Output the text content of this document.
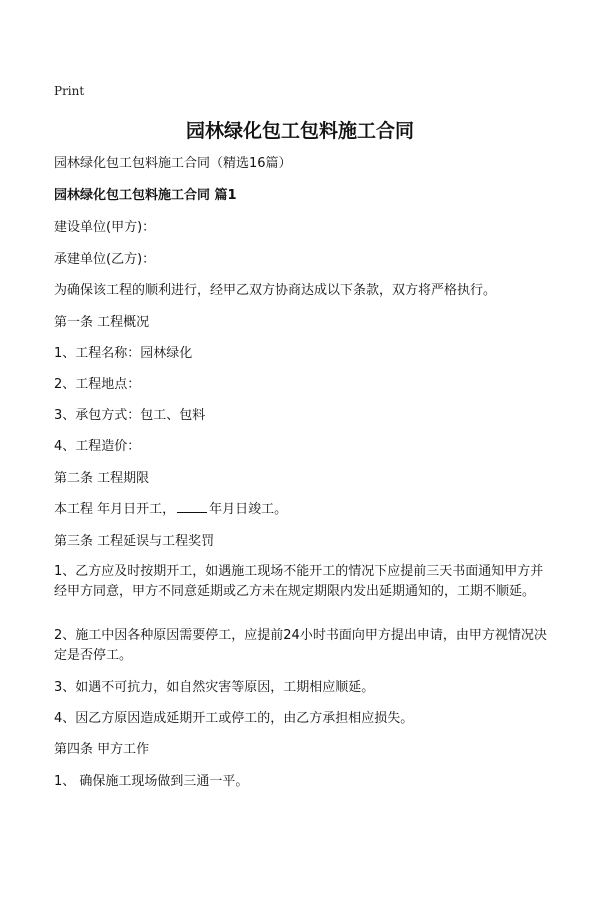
Print
园林绿化包工包料施工合同
园林绿化包工包料施工合同（精选16篇）
园林绿化包工包料施工合同 篇1
建设单位(甲方)：
承建单位(乙方)：
为确保该工程的顺利进行，经甲乙双方协商达成以下条款，双方将严格执行。
第一条 工程概况
1、工程名称：园林绿化
2、工程地点：
3、承包方式：包工、包料
4、工程造价：
第二条 工程期限
本工程 年月日开工，	年月日竣工。
第三条 工程延误与工程奖罚
1、乙方应及时按期开工，如遇施工现场不能开工的情况下应提前三天书面通知甲方并经甲方同意，甲方不同意延期或乙方未在规定期限内发出延期通知的，工期不顺延。
2、施工中因各种原因需要停工，应提前24小时书面向甲方提出申请，由甲方视情况决定是否停工。
3、如遇不可抗力，如自然灾害等原因，工期相应顺延。
4、因乙方原因造成延期开工或停工的，由乙方承担相应损失。
第四条 甲方工作
1、 确保施工现场做到三通一平。
